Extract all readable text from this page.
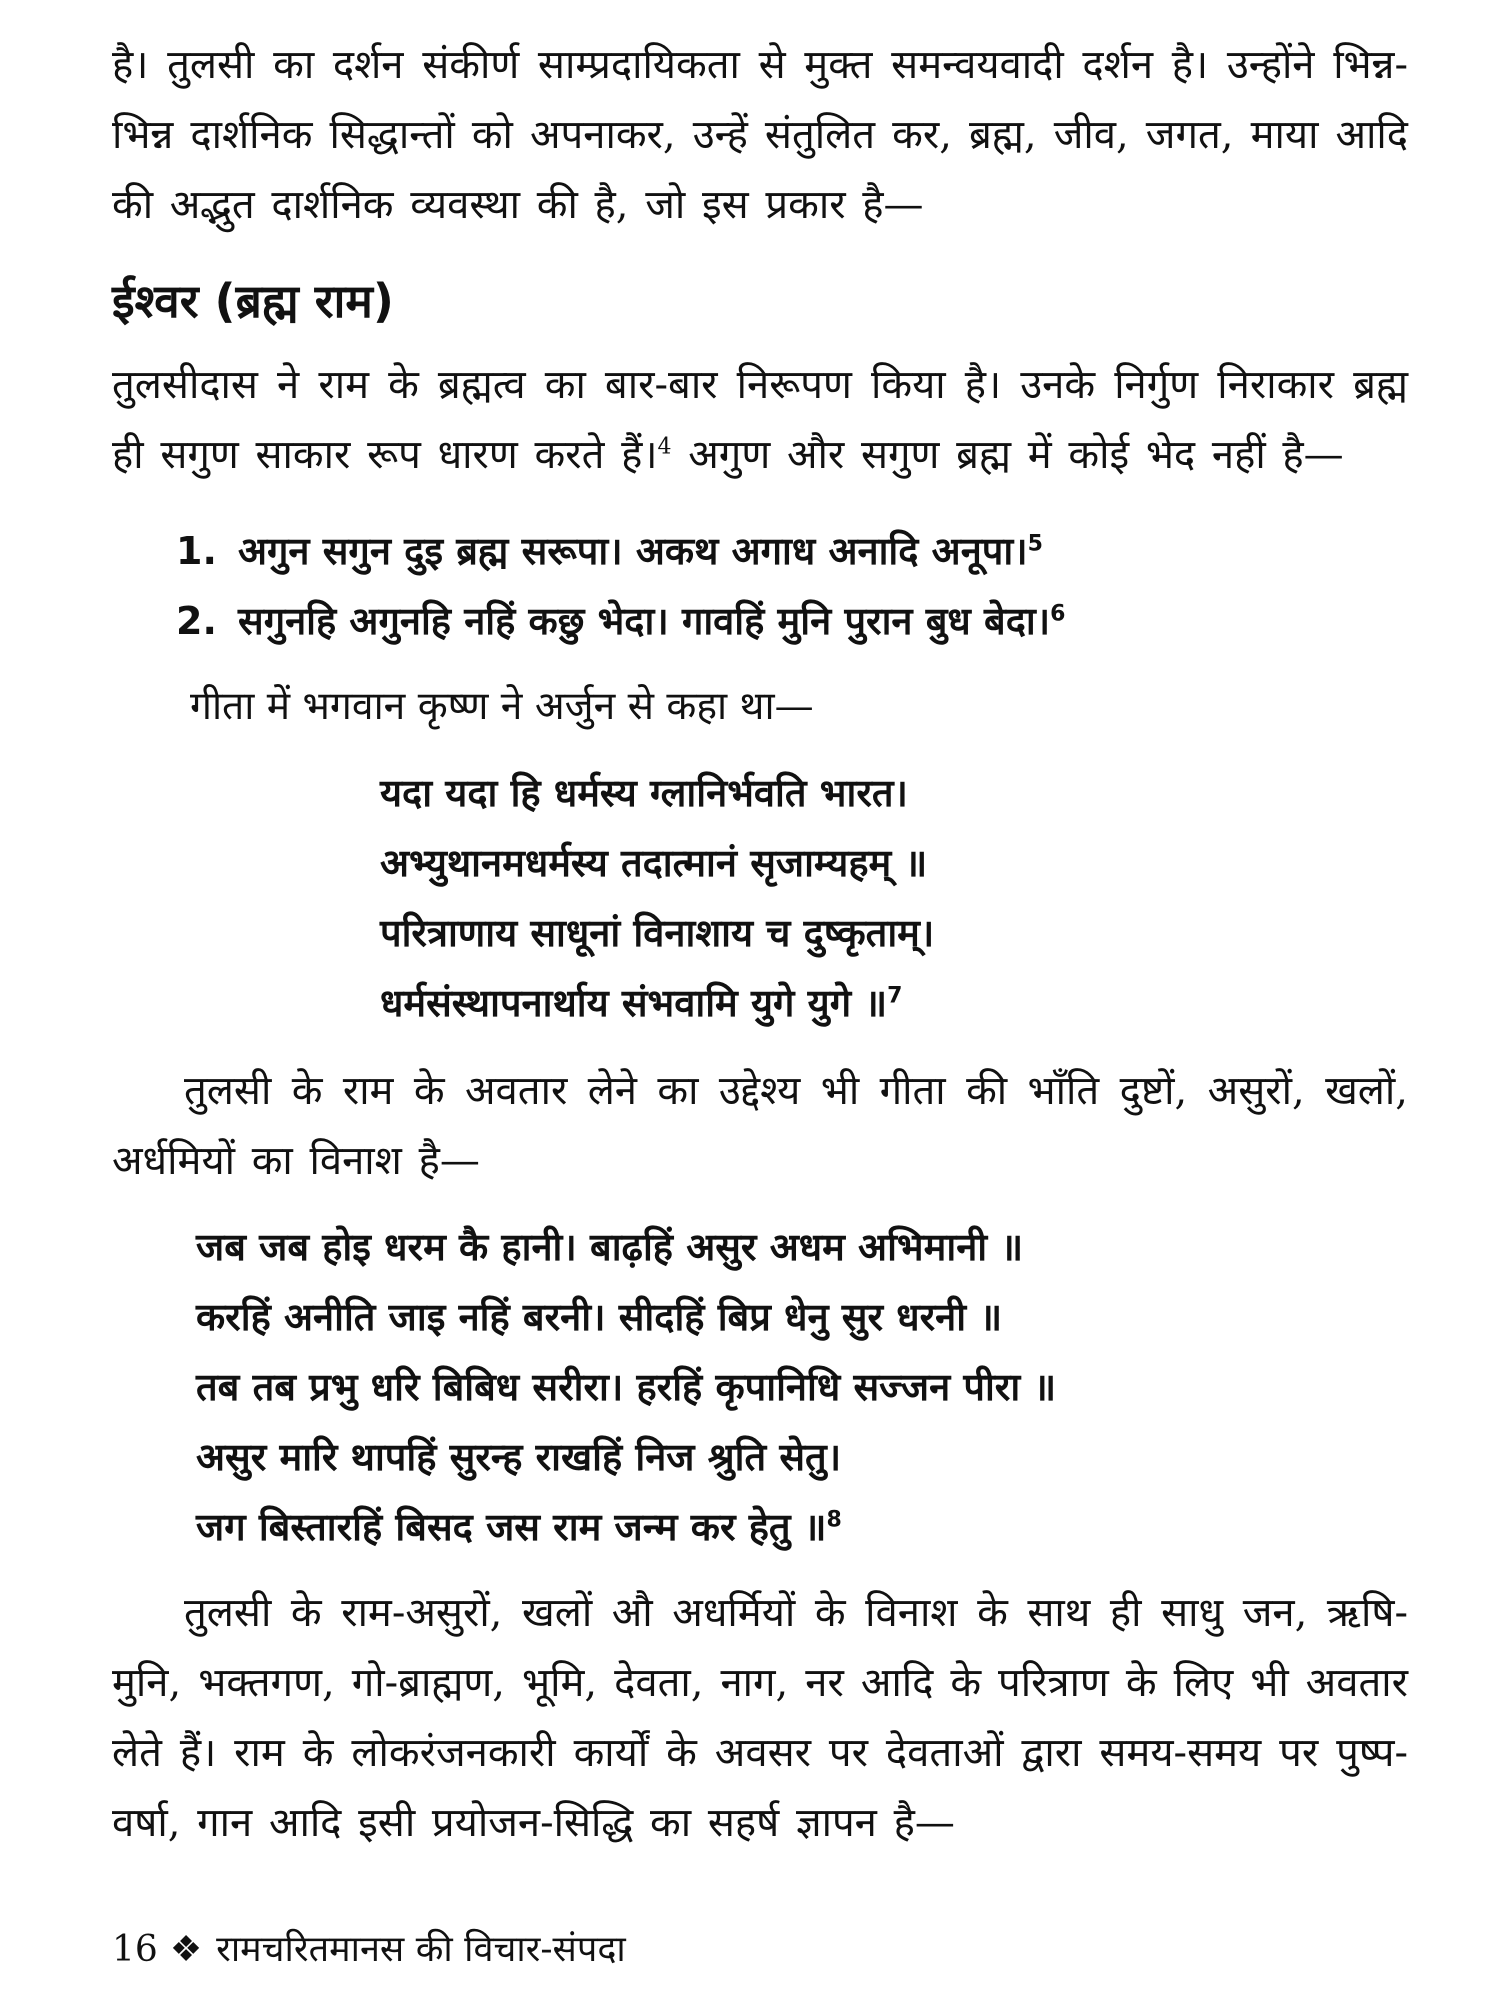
है। तुलसी का दर्शन संकीर्ण साम्प्रदायिकता से मुक्त समन्वयवादी दर्शन है। उन्होंने भिन्न-भिन्न दार्शनिक सिद्धान्तों को अपनाकर, उन्हें संतुलित कर, ब्रह्म, जीव, जगत, माया आदि की अद्भुत दार्शनिक व्यवस्था की है, जो इस प्रकार है—

ईश्वर (ब्रह्म राम)

तुलसीदास ने राम के ब्रह्मत्व का बार-बार निरूपण किया है। उनके निर्गुण निराकार ब्रह्म ही सगुण साकार रूप धारण करते हैं।$^4$ अगुण और सगुण ब्रह्म में कोई भेद नहीं है—

1. अगुन सगुन दुइ ब्रह्म सरूपा। अकथ अगाध अनादि अनूपा।$^5$
2. सगुनहि अगुनहि नहिं कछु भेदा। गावहिं मुनि पुरान बुध बेदा।$^6$

गीता में भगवान कृष्ण ने अर्जुन से कहा था—

यदा यदा हि धर्मस्य ग्लानिर्भवति भारत।
अभ्युथानमधर्मस्य तदात्मानं सृजाम्यहम् ॥
परित्राणाय साधूनां विनाशाय च दुष्कृताम्।
धर्मसंस्थापनार्थाय संभवामि युगे युगे ॥$^7$

तुलसी के राम के अवतार लेने का उद्देश्य भी गीता की भाँति दुष्टों, असुरों, खलों, अर्धमियों का विनाश है—

जब जब होइ धरम कै हानी। बाढ़हिं असुर अधम अभिमानी ॥
करहिं अनीति जाइ नहिं बरनी। सीदहिं बिप्र धेनु सुर धरनी ॥
तब तब प्रभु धरि बिबिध सरीरा। हरहिं कृपानिधि सज्जन पीरा ॥
असुर मारि थापहिं सुरन्ह राखहिं निज श्रुति सेतु।
जग बिस्तारहिं बिसद जस राम जन्म कर हेतु ॥$^8$

तुलसी के राम-असुरों, खलों औ अधर्मियों के विनाश के साथ ही साधु जन, ऋषि-मुनि, भक्तगण, गो-ब्राह्मण, भूमि, देवता, नाग, नर आदि के परित्राण के लिए भी अवतार लेते हैं। राम के लोकरंजनकारी कार्यों के अवसर पर देवताओं द्वारा समय-समय पर पुष्प-वर्षा, गान आदि इसी प्रयोजन-सिद्धि का सहर्ष ज्ञापन है—

16 ❖ रामचरितमानस की विचार-संपदा
